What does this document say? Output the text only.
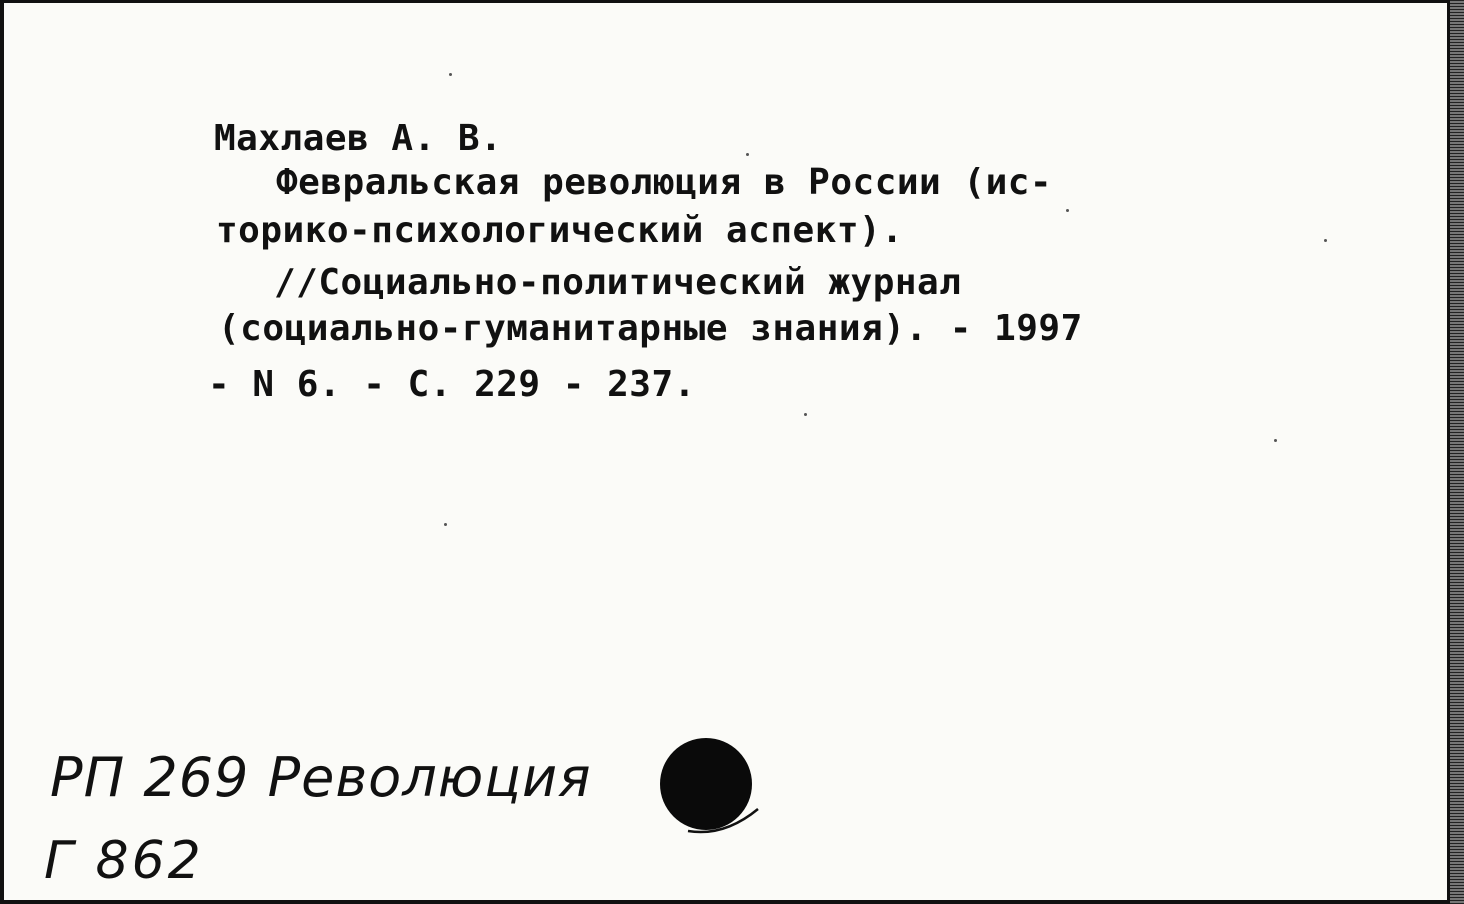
Махлаев А. В.
Февральская революция в России (ис-
торико-психологический аспект).
//Социально-политический журнал
(социально-гуманитарные знания). - 1997
- N 6. - С. 229 - 237.
РП 269 Революция
Г 862
